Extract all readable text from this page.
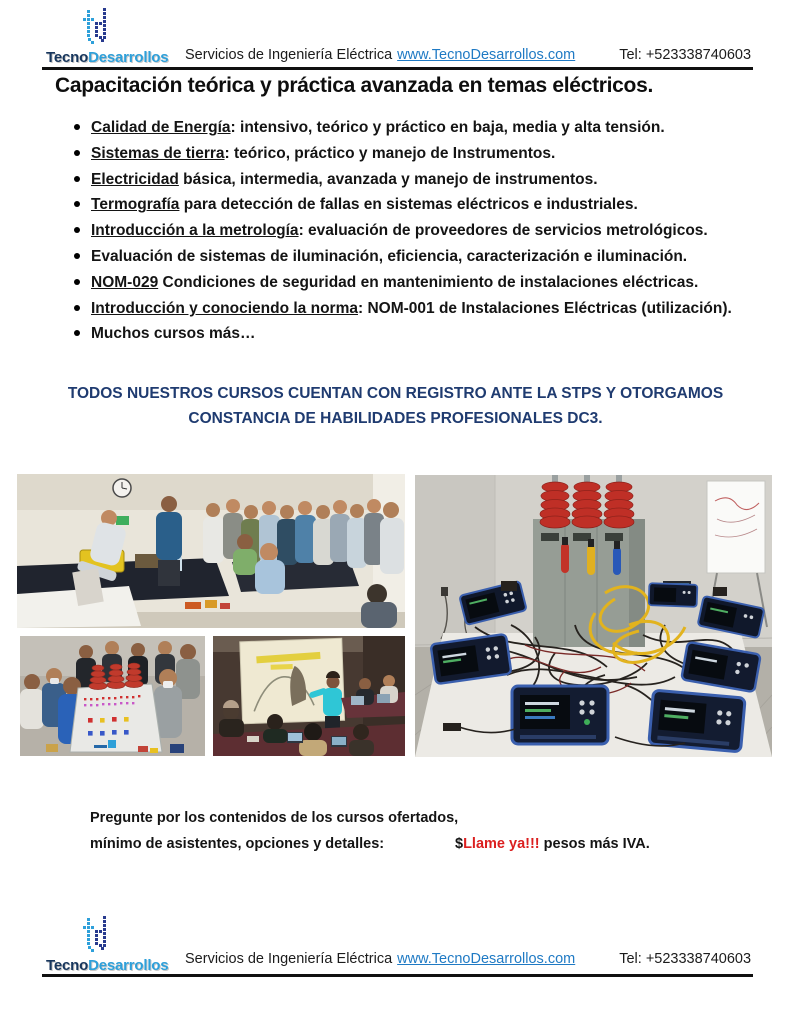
TecnoDesarrollos	Servicios de Ingeniería Eléctrica www.TecnoDesarrollos.com	Tel: +523338740603
Capacitación teórica y práctica avanzada en temas eléctricos.
Calidad de Energía: intensivo, teórico y práctico en baja, media y alta tensión.
Sistemas de tierra: teórico, práctico y manejo de Instrumentos.
Electricidad básica, intermedia, avanzada y manejo de instrumentos.
Termografía para detección de fallas en sistemas eléctricos e industriales.
Introducción a la metrología: evaluación de proveedores de servicios metrológicos.
Evaluación de sistemas de iluminación, eficiencia, caracterización e iluminación.
NOM-029 Condiciones de seguridad en mantenimiento de instalaciones eléctricas.
Introducción y conociendo la norma: NOM-001 de Instalaciones Eléctricas (utilización).
Muchos cursos más…
TODOS NUESTROS CURSOS CUENTAN CON REGISTRO ANTE LA STPS Y OTORGAMOS
CONSTANCIA DE HABILIDADES PROFESIONALES DC3.
Pregunte por los contenidos de los cursos ofertados,
mínimo de asistentes, opciones y detalles:	$Llame ya!!! pesos más IVA.
TecnoDesarrollos	Servicios de Ingeniería Eléctrica www.TecnoDesarrollos.com	Tel: +523338740603
